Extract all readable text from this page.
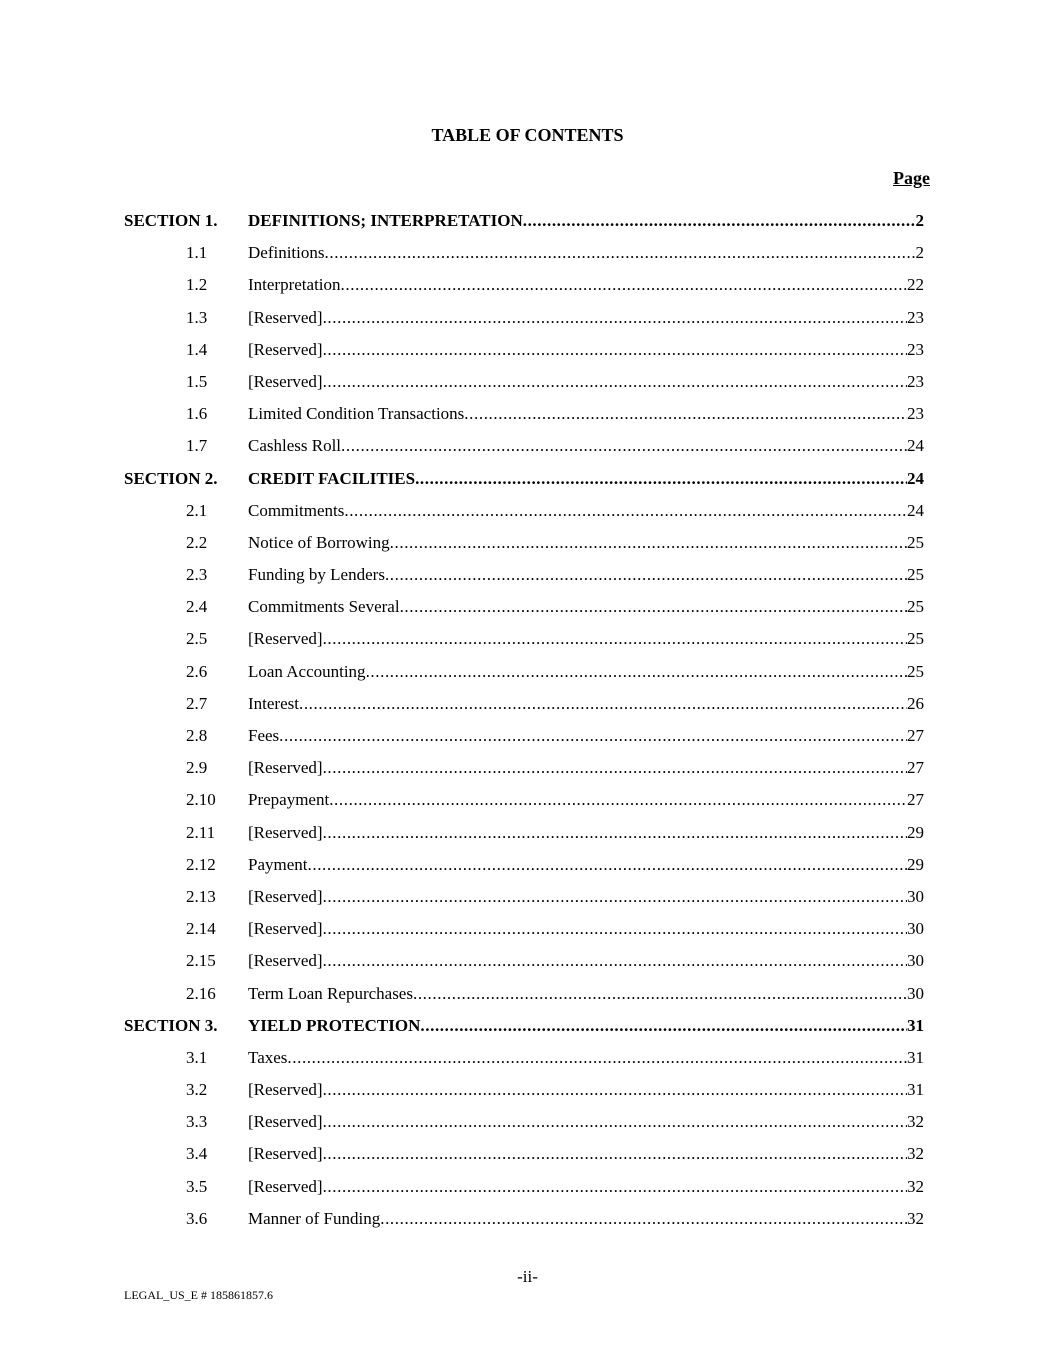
TABLE OF CONTENTS
Page
SECTION 1. DEFINITIONS; INTERPRETATION .....	2
1.1 Definitions .....	2
1.2 Interpretation .....	22
1.3 [Reserved] .....	23
1.4 [Reserved] .....	23
1.5 [Reserved] .....	23
1.6 Limited Condition Transactions .....	23
1.7 Cashless Roll .....	24
SECTION 2. CREDIT FACILITIES .....	24
2.1 Commitments .....	24
2.2 Notice of Borrowing .....	25
2.3 Funding by Lenders .....	25
2.4 Commitments Several .....	25
2.5 [Reserved] .....	25
2.6 Loan Accounting .....	25
2.7 Interest .....	26
2.8 Fees .....	27
2.9 [Reserved] .....	27
2.10 Prepayment .....	27
2.11 [Reserved] .....	29
2.12 Payment .....	29
2.13 [Reserved] .....	30
2.14 [Reserved] .....	30
2.15 [Reserved] .....	30
2.16 Term Loan Repurchases .....	30
SECTION 3. YIELD PROTECTION .....	31
3.1 Taxes .....	31
3.2 [Reserved] .....	31
3.3 [Reserved] .....	32
3.4 [Reserved] .....	32
3.5 [Reserved] .....	32
3.6 Manner of Funding .....	32
-ii-
LEGAL_US_E # 185861857.6
